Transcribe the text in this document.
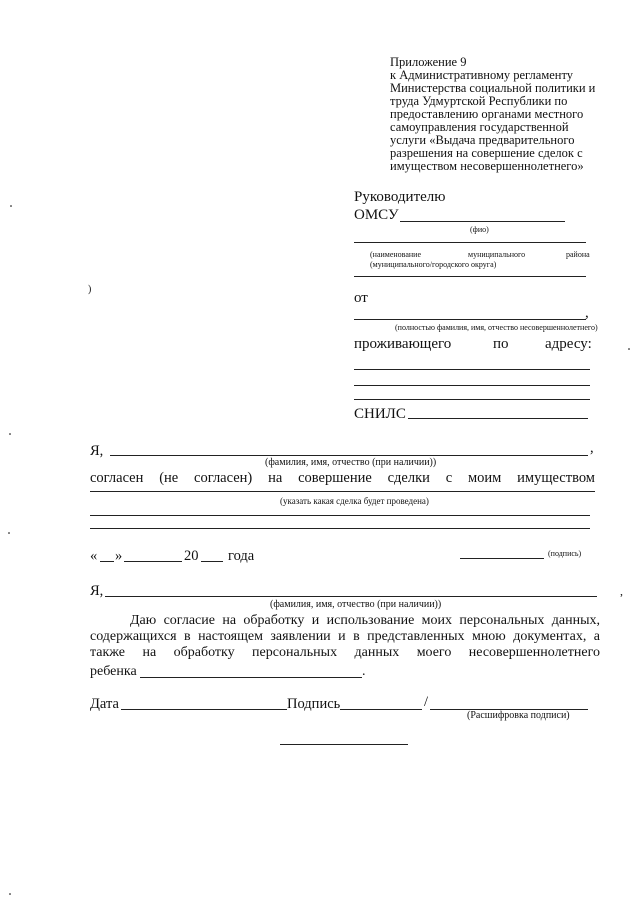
Приложение 9
к Административному регламенту
Министерства социальной политики и
труда Удмуртской Республики по
предоставлению органами местного
самоуправления государственной
услуги «Выдача предварительного
разрешения на совершение сделок с
имуществом несовершеннолетнего»
Руководителю
ОМСУ
(фио)
(наименование	муниципального	района
(муниципального/городского округа)
от
,
(полностью фамилия, имя, отчество несовершеннолетнего)
проживающего	по адресу:
СНИЛС
Я,	,
(фамилия, имя, отчество (при наличии))
согласен (не согласен) на совершение сделки с моим имуществом
(указать какая сделка будет проведена)
« »	20 года	(подпись)
Я,
(фамилия, имя, отчество (при наличии))
Даю согласие на обработку и использование моих персональных данных,
содержащихся в настоящем заявлении и в представленных мною документах, а
также на обработку персональных данных моего несовершеннолетнего
ребенка	.
Дата	Подпись	/
(Расшифровка подписи)
)
,
